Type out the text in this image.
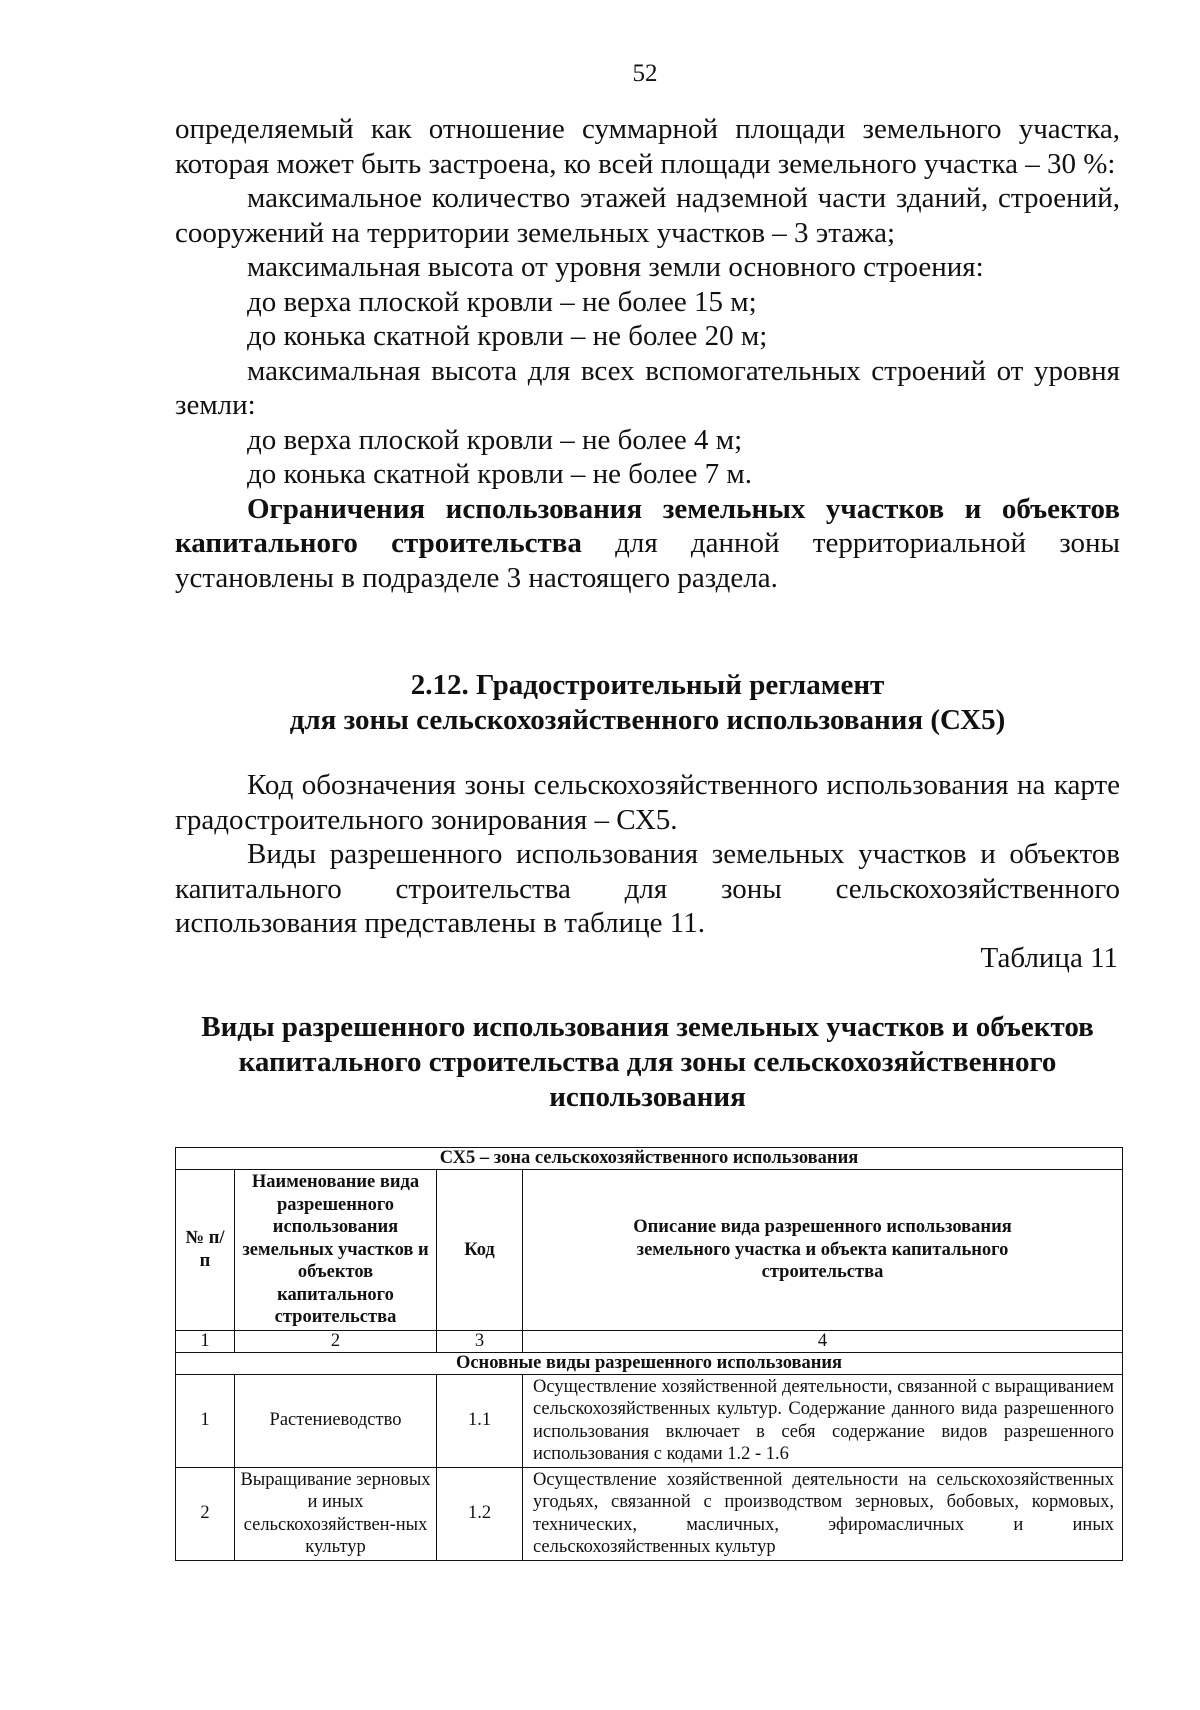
52

определяемый как отношение суммарной площади земельного участка, которая может быть застроена, ко всей площади земельного участка – 30 %:

максимальное количество этажей надземной части зданий, строений, сооружений на территории земельных участков – 3 этажа;

максимальная высота от уровня земли основного строения:

до верха плоской кровли – не более 15 м;

до конька скатной кровли – не более 20 м;

максимальная высота для всех вспомогательных строений от уровня земли:

до верха плоской кровли – не более 4 м;

до конька скатной кровли – не более 7 м.

Ограничения использования земельных участков и объектов капитального строительства для данной территориальной зоны установлены в подразделе 3 настоящего раздела.

2.12. Градостроительный регламент
для зоны сельскохозяйственного использования (СХ5)

Код обозначения зоны сельскохозяйственного использования на карте градостроительного зонирования – СХ5.

Виды разрешенного использования земельных участков и объектов капитального строительства для зоны сельскохозяйственного использования представлены в таблице 11.

Таблица 11
Виды разрешенного использования земельных участков и объектов
капитального строительства для зоны сельскохозяйственного
использования
СХ5 – зона сельскохозяйственного использования			
№ п/п	Наименование вида разрешенного использования земельных участков и объектов капитального строительства	Код	Описание вида разрешенного использования земельного участка и объекта капитального строительства
1	2	3	4
Основные виды разрешенного использования			
1	Растениеводство	1.1	Осуществление хозяйственной деятельности, связанной с выращиванием сельскохозяйственных культур. Содержание данного вида разрешенного использования включает в себя содержание видов разрешенного использования с кодами 1.2 - 1.6
2	Выращивание зерновых и иных сельскохозяйствен-ных культур	1.2	Осуществление хозяйственной деятельности на сельскохозяйственных угодьях, связанной с производством зерновых, бобовых, кормовых, технических, масличных, эфиромасличных и иных сельскохозяйственных культур
